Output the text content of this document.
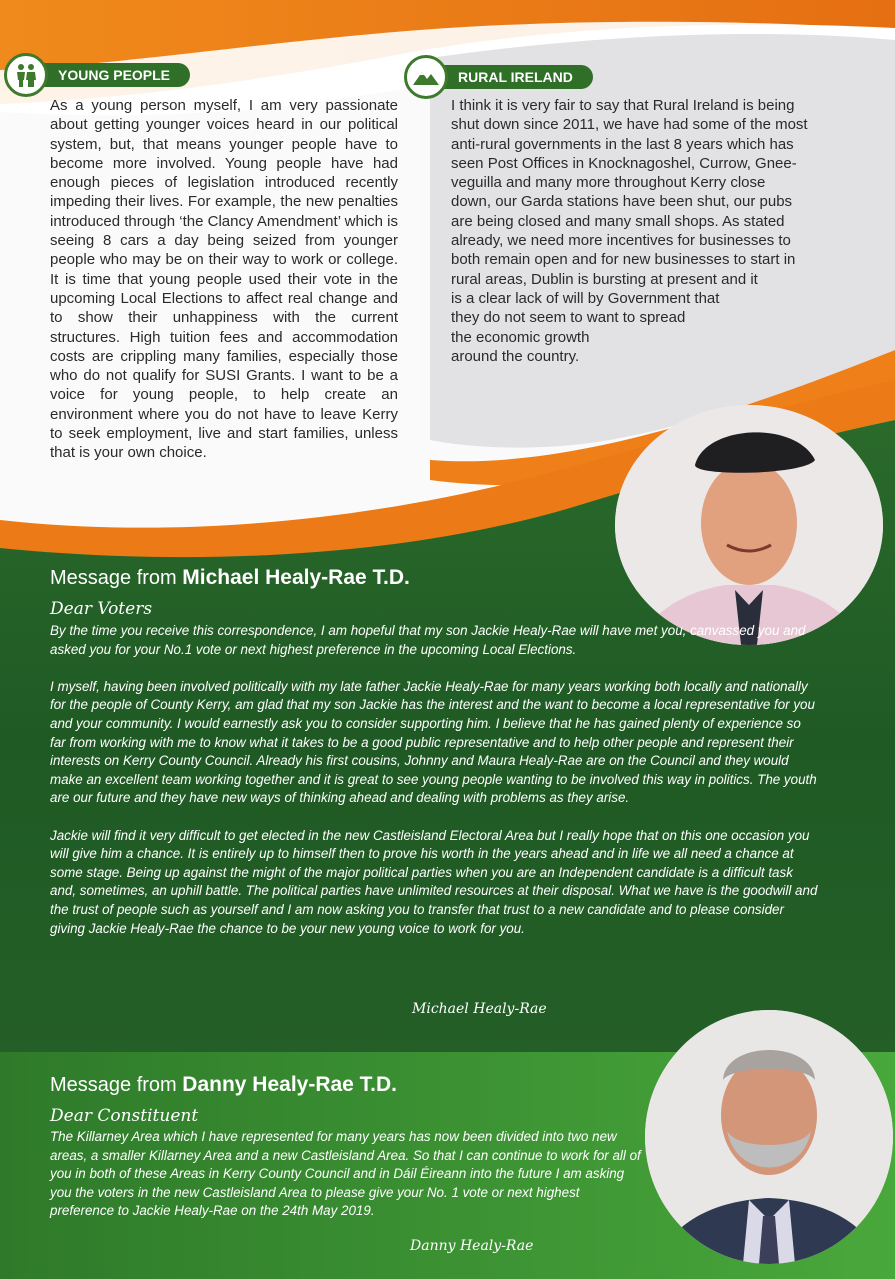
YOUNG PEOPLE
As a young person myself, I am very passionate about getting younger voices heard in our political system, but, that means younger people have to become more involved. Young people have had enough pieces of legislation introduced recently impeding their lives. For example, the new penalties introduced through ‘the Clancy Amendment’ which is seeing 8 cars a day being seized from younger people who may be on their way to work or college. It is time that young people used their vote in the upcoming Local Elections to affect real change and to show their unhappiness with the current structures. High tuition fees and accommodation costs are crippling many families, especially those who do not qualify for SUSI Grants. I want to be a voice for young people, to help create an environment where you do not have to leave Kerry to seek employment, live and start families, unless that is your own choice.
RURAL IRELAND
I think it is very fair to say that Rural Ireland is being
shut down since 2011, we have had some of the most
anti-rural governments in the last 8 years which has
seen Post Offices in Knocknagoshel, Currow, Gnee-
veguilla and many more throughout Kerry close
down, our Garda stations have been shut, our pubs
are being closed and many small shops. As stated
already, we need more incentives for businesses to
both remain open and for new businesses to start in
rural areas, Dublin is bursting at present and it
is a clear lack of will by Government that
they do not seem to want to spread
the economic growth
around the country.
Message from Michael Healy-Rae T.D.
Dear Voters
By the time you receive this correspondence, I am hopeful that my son Jackie Healy-Rae will have met you, canvassed you and asked you for your No.1 vote or next highest preference in the upcoming Local Elections.
I myself, having been involved politically with my late father Jackie Healy-Rae for many years working both locally and nationally for the people of County Kerry, am glad that my son Jackie has the interest and the want to become a local representative for you and your community. I would earnestly ask you to consider supporting him. I believe that he has gained plenty of experience so far from working with me to know what it takes to be a good public representative and to help other people and represent their interests on Kerry County Council. Already his first cousins, Johnny and Maura Healy-Rae are on the Council and they would make an excellent team working together and it is great to see young people wanting to be involved this way in politics. The youth are our future and they have new ways of thinking ahead and dealing with problems as they arise.
Jackie will find it very difficult to get elected in the new Castleisland Electoral Area but I really hope that on this one occasion you will give him a chance. It is entirely up to himself then to prove his worth in the years ahead and in life we all need a chance at some stage. Being up against the might of the major political parties when you are an Independent candidate is a difficult task and, sometimes, an uphill battle. The political parties have unlimited resources at their disposal. What we have is the goodwill and the trust of people such as yourself and I am now asking you to transfer that trust to a new candidate and to please consider giving Jackie Healy-Rae the chance to be your new young voice to work for you.
Michael Healy-Rae
Message from Danny Healy-Rae T.D.
Dear Constituent
The Killarney Area which I have represented for many years has now been divided into two new areas, a smaller Killarney Area and a new Castleisland Area. So that I can continue to work for all of you in both of these Areas in Kerry County Council and in Dáil Éireann into the future I am asking you the voters in the new Castleisland Area to please give your No. 1 vote or next highest preference to Jackie Healy-Rae on the 24th May 2019.
Danny Healy-Rae
